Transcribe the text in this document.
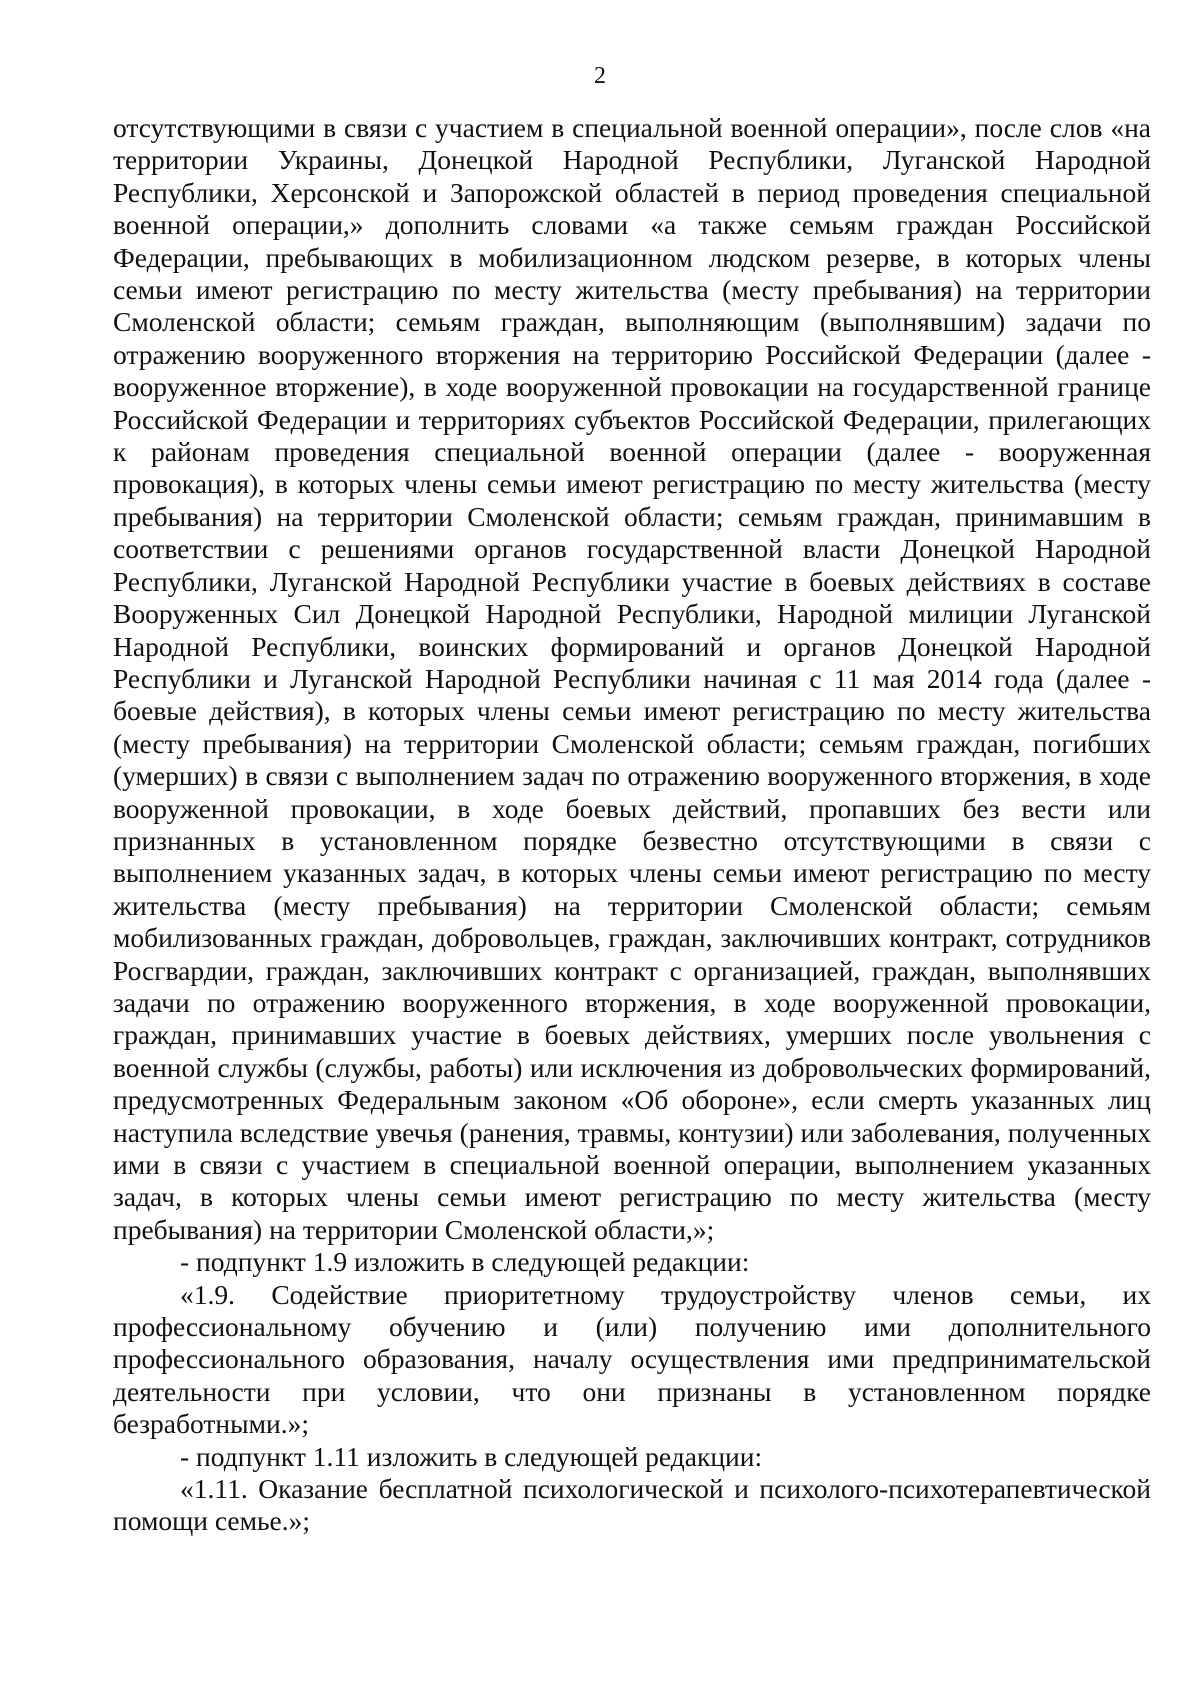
2

отсутствующими в связи с участием в специальной военной операции», после слов «на территории Украины, Донецкой Народной Республики, Луганской Народной Республики, Херсонской и Запорожской областей в период проведения специальной военной операции,» дополнить словами «а также семьям граждан Российской Федерации, пребывающих в мобилизационном людском резерве, в которых члены семьи имеют регистрацию по месту жительства (месту пребывания) на территории Смоленской области; семьям граждан, выполняющим (выполнявшим) задачи по отражению вооруженного вторжения на территорию Российской Федерации (далее - вооруженное вторжение), в ходе вооруженной провокации на государственной границе Российской Федерации и территориях субъектов Российской Федерации, прилегающих к районам проведения специальной военной операции (далее - вооруженная провокация), в которых члены семьи имеют регистрацию по месту жительства (месту пребывания) на территории Смоленской области; семьям граждан, принимавшим в соответствии с решениями органов государственной власти Донецкой Народной Республики, Луганской Народной Республики участие в боевых действиях в составе Вооруженных Сил Донецкой Народной Республики, Народной милиции Луганской Народной Республики, воинских формирований и органов Донецкой Народной Республики и Луганской Народной Республики начиная с 11 мая 2014 года (далее - боевые действия), в которых члены семьи имеют регистрацию по месту жительства (месту пребывания) на территории Смоленской области; семьям граждан, погибших (умерших) в связи с выполнением задач по отражению вооруженного вторжения, в ходе вооруженной провокации, в ходе боевых действий, пропавших без вести или признанных в установленном порядке безвестно отсутствующими в связи с выполнением указанных задач, в которых члены семьи имеют регистрацию по месту жительства (месту пребывания) на территории Смоленской области; семьям мобилизованных граждан, добровольцев, граждан, заключивших контракт, сотрудников Росгвардии, граждан, заключивших контракт с организацией, граждан, выполнявших задачи по отражению вооруженного вторжения, в ходе вооруженной провокации, граждан, принимавших участие в боевых действиях, умерших после увольнения с военной службы (службы, работы) или исключения из добровольческих формирований, предусмотренных Федеральным законом «Об обороне», если смерть указанных лиц наступила вследствие увечья (ранения, травмы, контузии) или заболевания, полученных ими в связи с участием в специальной военной операции, выполнением указанных задач, в которых члены семьи имеют регистрацию по месту жительства (месту пребывания) на территории Смоленской области,»;

- подпункт 1.9 изложить в следующей редакции:

«1.9. Содействие приоритетному трудоустройству членов семьи, их профессиональному обучению и (или) получению ими дополнительного профессионального образования, началу осуществления ими предпринимательской деятельности при условии, что они признаны в установленном порядке безработными.»;

- подпункт 1.11 изложить в следующей редакции:

«1.11. Оказание бесплатной психологической и психолого-психотерапевтической помощи семье.»;
